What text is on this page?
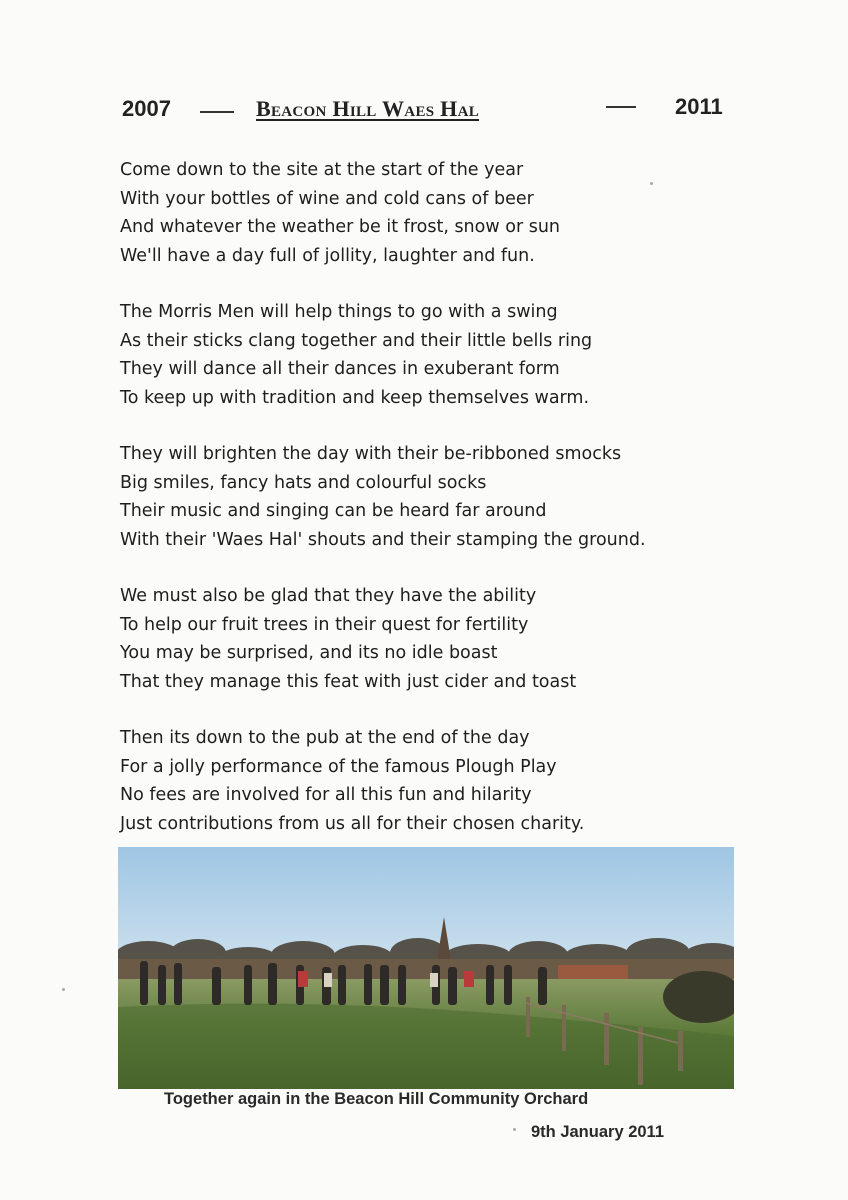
2007	Beacon Hill Waes Hal	2011
Come down to the site at the start of the year
With your bottles of wine and cold cans of beer
And whatever the weather be it frost, snow or sun
We'll have a day full of jollity, laughter and fun.
The Morris Men will help things to go with a swing
As their sticks clang together and their little bells ring
They will dance all their dances in exuberant form
To keep up with tradition and keep themselves warm.
They will brighten the day with their be-ribboned smocks
Big smiles, fancy hats and colourful socks
Their music and singing can be heard far around
With their 'Waes Hal' shouts and their stamping the ground.
We must also be glad that they have the ability
To help our fruit trees in their quest for fertility
You may be surprised, and its no idle boast
That they manage this feat with just cider and toast
Then its down to the pub at the end of the day
For a jolly performance of the famous Plough Play
No fees are involved for all this fun and hilarity
Just contributions from us all for their chosen charity.
Together again in the Beacon Hill Community Orchard
9th January 2011
